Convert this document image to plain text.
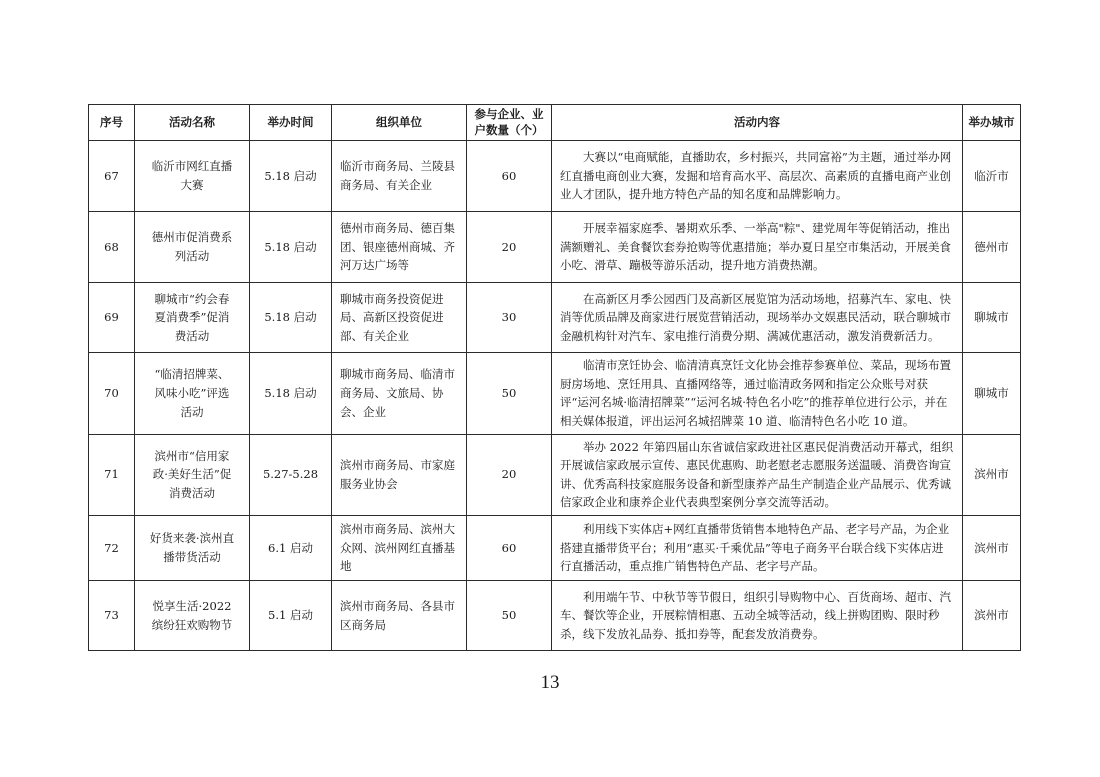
序号	活动名称	举办时间	组织单位	参与企业、业户数量（个）	活动内容	举办城市
67	临沂市网红直播大赛	5.18 启动	临沂市商务局、兰陵县商务局、有关企业	60	大赛以“电商赋能，直播助农，乡村振兴，共同富裕”为主题，通过举办网红直播电商创业大赛，发掘和培育高水平、高层次、高素质的直播电商产业创业人才团队，提升地方特色产品的知名度和品牌影响力。	临沂市
68	德州市促消费系列活动	5.18 启动	德州市商务局、德百集团、银座德州商城、齐河万达广场等	20	开展幸福家庭季、暑期欢乐季、一举高"粽"、建党周年等促销活动，推出满额赠礼、美食餐饮套券抢购等优惠措施；举办夏日星空市集活动，开展美食小吃、滑草、蹦极等游乐活动，提升地方消费热潮。	德州市
69	聊城市“约会春夏消费季”促消费活动	5.18 启动	聊城市商务投资促进局、高新区投资促进部、有关企业	30	在高新区月季公园西门及高新区展览馆为活动场地，招募汽车、家电、快消等优质品牌及商家进行展览营销活动，现场举办文娱惠民活动，联合聊城市金融机构针对汽车、家电推行消费分期、满减优惠活动，激发消费新活力。	聊城市
70	“临清招牌菜、风味小吃”评选活动	5.18 启动	聊城市商务局、临清市商务局、文旅局、协会、企业	50	临清市烹饪协会、临清清真烹饪文化协会推荐参赛单位、菜品，现场布置厨房场地、烹饪用具、直播网络等，通过临清政务网和指定公众账号对获评“运河名城·临清招牌菜”“运河名城·特色名小吃”的推荐单位进行公示，并在相关媒体报道，评出运河名城招牌菜 10 道、临清特色名小吃 10 道。	聊城市
71	滨州市“信用家政·美好生活”促消费活动	5.27-5.28	滨州市商务局、市家庭服务业协会	20	举办 2022 年第四届山东省诚信家政进社区惠民促消费活动开幕式，组织开展诚信家政展示宣传、惠民优惠购、助老慰老志愿服务送温暖、消费咨询宣讲、优秀高科技家庭服务设备和新型康养产品生产制造企业产品展示、优秀诚信家政企业和康养企业代表典型案例分享交流等活动。	滨州市
72	好货来袭·滨州直播带货活动	6.1 启动	滨州市商务局、滨州大众网、滨州网红直播基地	60	利用线下实体店+网红直播带货销售本地特色产品、老字号产品，为企业搭建直播带货平台；利用“惠买·千乘优品”等电子商务平台联合线下实体店进行直播活动，重点推广销售特色产品、老字号产品。	滨州市
73	悦享生活·2022 缤纷狂欢购物节	5.1 启动	滨州市商务局、各县市区商务局	50	利用端午节、中秋节等节假日，组织引导购物中心、百货商场、超市、汽车、餐饮等企业，开展粽情相惠、五动全城等活动，线上拼购团购、限时秒杀，线下发放礼品券、抵扣券等，配套发放消费券。	滨州市
13
